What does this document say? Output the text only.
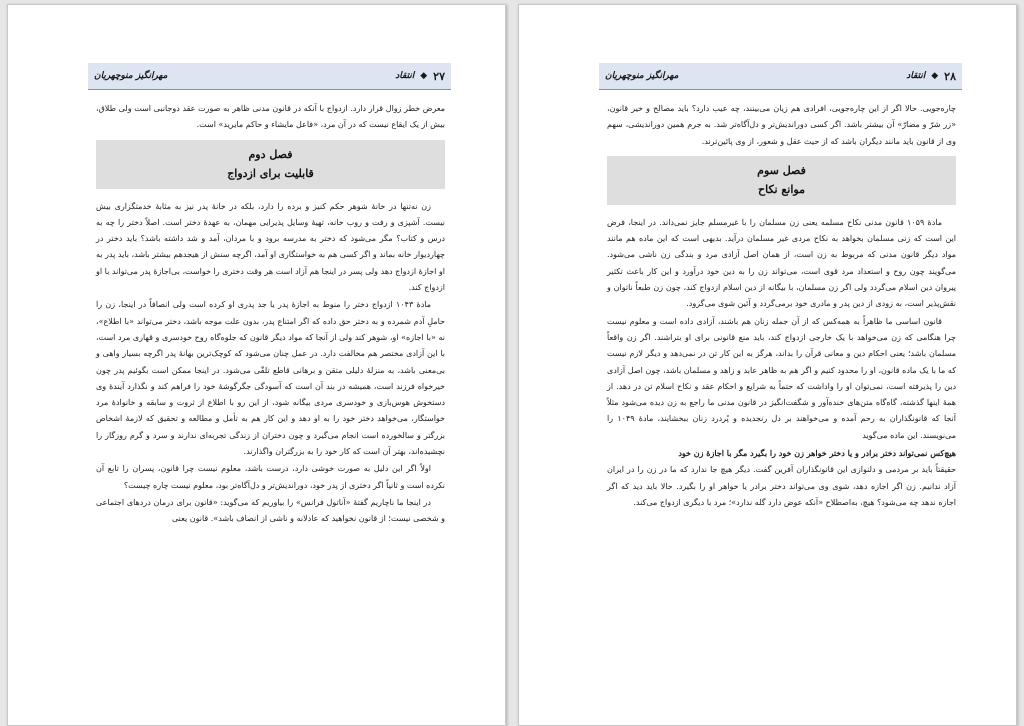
۲۷
◆
انتقاد
مهرانگیز منوچهریان

معرض خطر زوال قرار دارد. ازدواج با آنکه در قانون مدنی ظاهر به صورت عقد دوجانبی است ولی طلاق، بیش از یک ایقاع نیست که در آن مرد، «فاعل مایشاء و حاکم مایرید» است.

فصل دوم
قابلیت برای ازدواج

زن نه‌تنها در خانهٔ شوهر حکم کنیز و برده را دارد، بلکه در خانهٔ پدر نیز به مثابهٔ خدمتگزاری بیش نیست. آشپزی و رفت و روب خانه، تهیهٔ وسایل پذیرایی مهمان، به عهدهٔ دختر است. اصلاً دختر را چه به درس و کتاب؟ مگر می‌شود که دختر به مدرسه برود و با مردان، آمد و شد داشته باشد؟ باید دختر در چهاردیوار خانه بماند و اگر کسی هم به خواستگاری او آمد، اگرچه سنش از هیجدهم بیشتر باشد، باید پدر به او اجازهٔ ازدواج دهد ولی پسر در اینجا هم آزاد است هر وقت دختری را خواست، بی‌اجازهٔ پدر می‌تواند با او ازدواج کند.

مادهٔ ۱۰۴۳ ازدواج دختر را منوط به اجازهٔ پدر یا جد پدری او کرده است ولی انصافاً در اینجا، زن را حاملِ آدم شمرده و به دختر حق داده که اگر امتناع پدر، بدون علت موجه باشد، دختر می‌تواند «با اطلاع»، نه «با اجازه» او، شوهر کند ولی از آنجا که مواد دیگر قانون که جلوه‌گاه روح خودسری و قهاری مرد است، با این آزادی مختصر هم مخالفت دارد. در عمل چنان می‌شود که کوچک‌ترین بهانهٔ پدر اگرچه بسیار واهی و بی‌معنی باشد، به منزلهٔ دلیلی متقن و برهانی قاطع تلقّی می‌شود. در اینجا ممکن است بگوئیم پدر چون خیرخواه فرزند است، همیشه در بند آن است که آسودگی جگرگوشهٔ خود را فراهم کند و نگذارد آیندهٔ وی دستخوش هوس‌بازی و خودسری مردی بیگانه شود، از این رو با اطلاع از ثروت و سابقه و خانوادهٔ مرد خواستگار، می‌خواهد دختر خود را به او دهد و این کار هم به تأمل و مطالعه و تحقیق که لازمهٔ اشخاص بزرگتر و سالخورده است انجام می‌گیرد و چون دختران از زندگی تجربه‌ای ندارند و سرد و گرم روزگار را نچشیده‌اند، بهتر آن است که کار خود را به بزرگتران واگذارند.

اولاً اگر این دلیل به صورت خوشی دارد، درست باشد، معلوم نیست چرا قانون، پسران را تابع آن نکرده است و ثانیاً اگر دختری از پدر خود، دوراندیش‌تر و دل‌آگاه‌تر بود، معلوم نیست چاره چیست؟

در اینجا ما ناچاریم گفتهٔ «آناتول فرانس» را بیاوریم که می‌گوید: «قانون برای درمان دردهای اجتماعی و شخصی نیست؛ از قانون نخواهید که عادلانه و ناشی از انصاف باشد». قانون یعنی

۲۸
◆
انتقاد
مهرانگیز منوچهریان

چاره‌جویی. حالا اگر از این چاره‌جویی، افرادی هم زیان می‌بینند، چه عیب دارد؟ باید مصالح و خیر قانون، «زر شرّ و مضارّ» آن بیشتر باشد. اگر کسی دوراندیش‌تر و دل‌آگاه‌تر شد. به جرم همین دوراندیشی، سهم وی از قانون باید مانند دیگران باشد که از حیث عقل و شعور، از وی پائین‌ترند.

فصل سوم
موانع نکاح

مادهٔ ۱۰۵۹ قانون مدنی نکاح مسلمه یعنی زن مسلمان را با غیرمسلم جایز نمی‌داند. در اینجا، فرض این است که زنی مسلمان بخواهد به نکاح مردی غیر مسلمان درآید. بدیهی است که این ماده هم مانند مواد دیگر قانون مدنی که مربوط به زن است، از همان اصل آزادی مرد و بندگی زن ناشی می‌شود. می‌گویند چون روح و استعداد مرد قوی است، می‌تواند زن را به دین خود درآورد و این کار باعث تکثیر پیروان دین اسلام می‌گردد ولی اگر زن مسلمان، با بیگانه از دین اسلام ازدواج کند، چون زن طبعاً ناتوان و نقش‌پذیر است، به زودی از دین پدر و مادری خود برمی‌گردد و آئین شوی می‌گرود.

قانون اساسی ما ظاهراً به همه‌کس که از آن جمله زنان هم باشند، آزادی داده است و معلوم نیست چرا هنگامی که زن می‌خواهد با یک خارجی ازدواج کند، باید منع قانونی برای او بتراشند. اگر زن واقعاً مسلمان باشد؛ یعنی احکام دین و معانی قرآن را بداند، هرگز به این کار تن در نمی‌دهد و دیگر لازم نیست که ما با یک ماده قانون، او را محدود کنیم و اگر هم به ظاهر عابد و زاهد و مسلمان باشد، چون اصل آزادی دین را پذیرفته است، نمی‌توان او را واداشت که حتماً به شرایع و احکام عقد و نکاح اسلام تن در دهد. از همهٔ اینها گذشته، گاه‌گاه متن‌های خنده‌آور و شگفت‌انگیز در قانون مدنی ما راجع به زن دیده می‌شود مثلاً آنجا که قانونگذاران به رحم آمده و می‌خواهند بر دل رنجدیده و پُردرد زنان ببخشایند، مادهٔ ۱۰۴۹ را می‌نویسند. این ماده می‌گوید

هیچ‌کس نمی‌تواند دختر برادر و یا دختر خواهر زن خود را بگیرد مگر با اجازهٔ زن خود

حقیقتاً باید بر مردمی و دلنوازی این قانونگذاران آفرین گفت. دیگر هیچ جا ندارد که ما در زن را در ایران آزاد ندانیم. زن اگر اجازه دهد، شوی وی می‌تواند دختر برادر یا خواهر او را بگیرد. حالا باید دید که اگر اجازه ندهد چه می‌شود؟ هیچ، به‌اصطلاح «آنکه عوض دارد گله ندارد»؛ مرد با دیگری ازدواج می‌کند.
